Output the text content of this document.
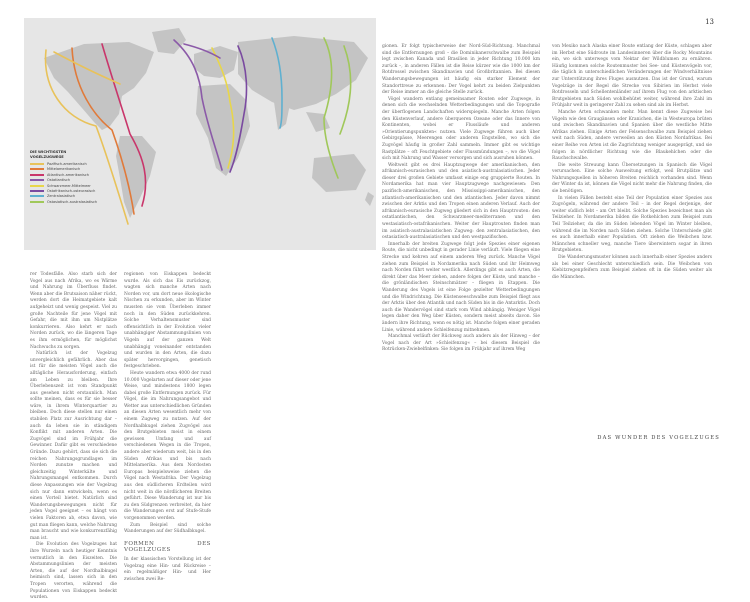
13
DIE WICHTIGSTEN
VOGELZUGWEGE
Pazifisch-amerikanisch
Mittelamerikanisch
Atlantisch-amerikanisch
Ostatlantisch
Schwarzmeer-Mittelmeer
Ostafrikanisch-osteurasisch
Zentralasiatisch
Ostasiatisch-australasiatisch

rer Todesfälle. Also starb sich der Vogel aus nach Afrika, wo es Wärme und Nahrung im Überfluss findet. Wenn aber die Brutsaison näher rückt, werden dort die Heimatgebiete kalt aufgeheizt und wenig gespeist. Viel zu große Nachteile für jene Vögel mit Gefahr, die mit ihm um Nistplätze konkurrieren. Also kehrt er nach Norden zurück, wo die längeren Tage es ihm ermöglichen, für möglichst Nachwuchs zu sorgen.

Natürlich ist der Vogelzug unvergleichlich gefährlich. Aber das ist für die meisten Vögel auch die alltägliche Herausforderung, einfach am Leben zu bleiben. Ihre Überlebenszeit ist vom Standpunkt aus gesehen nicht erstaunlich. Man sollte meinen, dass es für sie besser wäre, in ihrem Winterquartier zu bleiben. Doch diese stellen nur einen stabilen Platz zur Ausrichtung dar – auch da leben sie in ständigem Konflikt mit anderen Arten. Die Zugvögel sind im Frühjahr die Gewinner. Dafür gibt es verschiedene Gründe. Dazu gehört, dass sie sich die reichen Nahrungsgrundlagen im Norden zunutze machen und gleichzeitig Winterkälte und Nahrungsmangel entkommen. Durch diese Anpassungen wie der Vogelzug sich nur dann entwickeln, wenn es einen Vorteil bietet. Natürlich sind Wanderungsbewegungen nicht für jeden Vogel geeignet – es hängt von vielen Faktoren ab, etwa davon, wie gut man fliegen kann, welche Nahrung man braucht und wie konkurrenzfähig man ist.

Die Evolution des Vogelzuges hat ihre Wurzeln nach heutiger Kenntnis vermutlich in den Eiszeiten. Die Abstammungslinien der meisten Arten, die auf der Nordhalbkugel heimisch sind, lassen sich in den Tropen verorten, während die Populationen von Eiskappen bedeckt wurden.

regionen von Eiskappen bedeckt wurde. Als sich das Eis zurückzog, wagten sich manche Arten nach Norden vor, um dort neue ökologische Nischen zu erkunden, aber im Winter mussten sie vom Überleben immer noch in den Süden zurückkehren. Solche Verhaltensmuster sind offensichtlich in der Evolution vieler unabhängiger Abstammungslinien von Vögeln auf der ganzen Welt unabhängig voneinander entstanden und wurden in den Arten, die dazu später hervorgingen, genetisch festgeschrieben.

Heute wandern etwa 4000 der rund 10.000 Vogelarten auf dieser oder jene Weise, und mindestens 1800 legen dabei große Entfernungen zurück. Für Vögel, die im Nahrungsangebot und Wetter aus unterschiedlichen Gründen an diesen Arten wesentlich mehr von einem Zugweg zu nutzen. Auf der Nordhalbkugel ziehen Zugvögel aus den Brutgebieten meist in einem gewissen Umfang und auf verschiedenen Wegen in die Tropen, andere aber wiederum weit, bis in den Süden Afrikas und bis nach Mittelamerika. Aus dem Nordosten Europas beispielsweise ziehen die Vögel nach Westafrika. Der Vogelzug aus den südlicheren Erdteilen wird nicht weit in die nördlicheren Breiten geführt. Diese Wanderung ist nur bis zu den Südgrenzen verbreitet, da hier die Wanderungen erst auf Stufe-Stufe vorgenommen werden.

Zum Beispiel sind solche Wanderungen auf der Südhalbkugel.

FORMEN DES VOGELZUGES

In der klassischen Vorstellung ist der Vogelzug eine Hin- und Rückreise – ein regelmäßiger Hin- und Her zwischen zwei Re-

gionen. Er folgt typischerweise der Nord-Süd-Richtung. Manchmal sind die Entfernungen groß – die Dominikanerschwalbe zum Beispiel legt zwischen Kanada und Brasilien in jeder Richtung 10.000 km zurück –, in anderen Fällen ist die Reise kürzer wie die 1000 km der Rotdrossel zwischen Skandinavien und Großbritannien. Bei diesen Wanderungsbewegungen ist häufig ein starker Element der Standorttreue zu erkennen: Der Vogel kehrt zu beiden Zielpunkten der Reise immer an die gleiche Stelle zurück.

Vögel wandern entlang gemeinsamer Routen oder Zugwege, in denen sich die wechselnden Wetterbedingungen und die Topografie der überflogenen Landschaften widerspiegeln. Manche Arten folgen den Küstenverlauf, andere überqueren Ozeane oder das Innere von Kontinenten, wobei er Flussläufe und anderen »Orientierungspunkten« nutzen. Viele Zugwege führen auch über Gebirgspässe, Meerengen oder anderen Engstellen, wo sich die Zugvögel häufig in großer Zahl sammeln. Immer gibt es wichtige Rastplätze – oft Feuchtgebiete oder Flussmündungen –, wo die Vögel sich mit Nahrung und Wasser versorgen und sich ausruhen können.

Weltweit gibt es drei Hauptzugwege der amerikanischen, den afrikanisch-eurasischen und den asiatisch-australasiatischen. Jeder dieser drei großen Gebiete umfasst einige eng gruppierte Routen. In Nordamerika hat man vier Hauptzugwege nachgewiesen: Den pazifisch-amerikanischen, den Mississippi-amerikanischen, den atlantisch-amerikanischen und den atlantischen. Jeder davon nimmt zwischen der Arktis und den Tropen einen anderen Verlauf. Auch der afrikanisch-eurasische Zugweg gliedert sich in den Hauptrouten: den ostatlantischen, den Schwarzmeer-mediterranen und den westasiatisch-ostafrikanischen. Weiter der Hauptrouten finden man im asiatisch-australasiatischen Zugweg: den zentralasiatischen, den ostasiatisch-australasiatischen und den westpazifischen.

Innerhalb der breiten Zugwege folgt jede Spezies einer eigenen Route, die nicht unbedingt in gerader Linie verläuft. Viele fliegen eine Strecke und kehren auf einem anderen Weg zurück. Manche Vögel ziehen zum Beispiel in Nordamerika nach Süden und ihr Heimweg nach Norden führt weiter westlich. Allerdings gibt es auch Arten, die direkt über das Meer ziehen, andere folgen der Küste, und manche – die grönländischen Steinschmätzer – fliegen in Etappen. Die Wanderung des Vogels ist eine Folge gezielter Wetterbedingungen und die Windrichtung. Die Küstenseeschwalbe zum Beispiel fliegt aus der Arktis über den Atlantik und nach Süden bis in die Antarktis. Doch auch die Wandervögel sind stark vom Wind abhängig. Weniger Vögel legen daher den Weg über Küsten, sondern meist abseits davon. Sie ändern ihre Richtung, wenn es nötig ist. Manche folgen einer geraden Linie, während andere Schleifenzug mitnehmen.

Manchmal verläuft der Rückweg auch anders als der Hinweg – der Vogel nach der Art »Schleifenzug« – bei diesem Beispiel die Rotrücken-Zwiebelfinken: Sie folgen im Frühjahr auf ihrem Weg

von Mexiko nach Alaska einer Route entlang der Küste, schlagen aber im Herbst eine Südroute im Landesinneren über die Rocky Mountains ein, wo sich unterwegs vom Nektar der Wildblumen zu ernähren. Häufig kommen solche Routenmuster bei See- und Küstenvögeln vor, die täglich in unterschiedlichen Veränderungen der Windverhältnisse zur Unterstützung ihres Fluges ausnutzen. Das ist der Grund, warum Vogelzüge in der Regel die Strecke von Sibirien im Herbst viele Rotdrosseln und Schellentenländer auf ihrem Flug von den arktischen Brutgebieten nach Süden wohlbehütet weiter, während ihre Zahl im Frühjahr weit in geringerer Zahl zu sehen sind als im Herbst.

Manche Arten schwanken mehr. Man kennt diese Zugweise bei Vögeln wie den Graugänsen oder Kranichen, die in Westeuropa brüten und zwischen Skandinavien und Spanien über die westliche Mitte Afrikas ziehen. Einige Arten der Felsenschwalbe zum Beispiel ziehen weit nach Süden, andere verweilen an den Küsten Nordafrikas. Bei einer Reihe von Arten ist die Zugrichtung weniger ausgeprägt, und sie folgen in nördlicher Richtung wie die Blaukehlchen oder die Rauchschwalbe.

Die weite Streuung kann Übersetzungen in Spanisch die Vögel verursachen. Eine solche Ausweitung erfolgt, weil Brutplätze und Nahrungsquellen in höheren Breiten reichlich vorhanden sind. Wenn der Winter da ist, können die Vögel nicht mehr die Nahrung finden, die sie benötigen.

In vielen Fällen besteht eine Teil der Population einer Spezies aus Zugvögeln, während der andere Teil – in der Regel derjenige, der weiter südlich lebt – am Ort bleibt. Solche Spezies bezeichnet man als Teilzieher. In Nordamerika bilden die Rotkehlchen zum Beispiel zum Teil Teilzieher, da die im Süden lebenden Vögel im Winter bleiben, während die im Norden nach Süden ziehen. Solche Unterschiede gibt es auch innerhalb einer Population. Oft ziehen die Weibchen bzw. Männchen schneller weg, manche Tiere überwintern sogar in ihren Brutgebieten.

Die Wanderungsmuster können auch innerhalb einer Spezies anders als bei einer Geschlecht unterschiedlich sein. Die Weibchen von Kiebitzregenpfeifern zum Beispiel ziehen oft in die Süden weiter als die Männchen.

DAS WUNDER DES VOGELZUGES
